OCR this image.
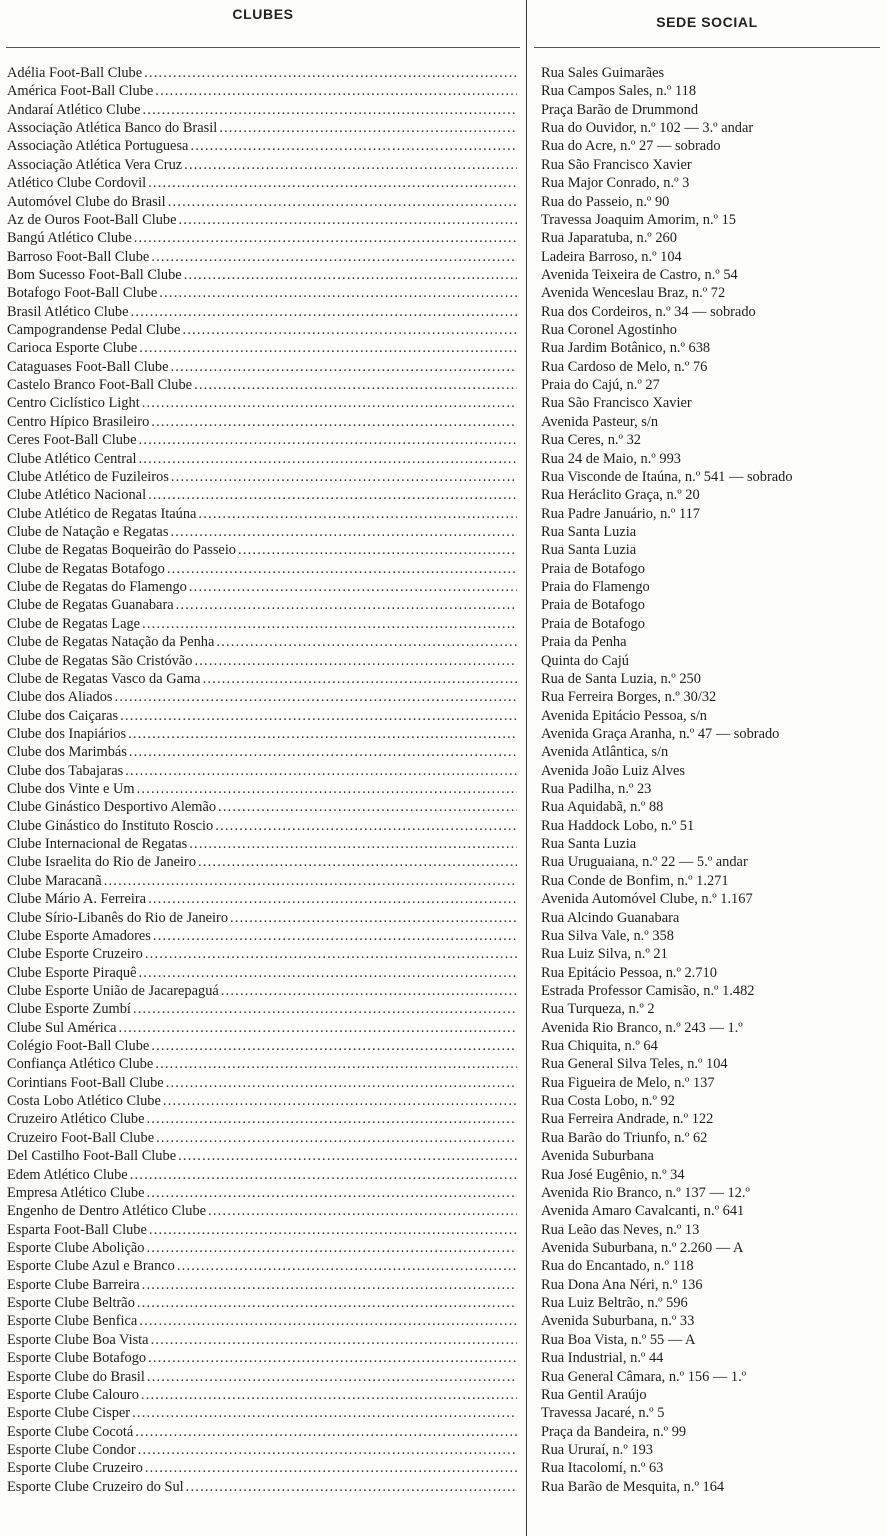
CLUBES	SEDE SOCIAL
Adélia Foot-Ball Clube
.....
América Foot-Ball Clube
.....
Andaraí Atlético Clube
.....
Associação Atlética Banco do Brasil
.....
Associação Atlética Portuguesa
.....
Associação Atlética Vera Cruz
.....
Atlético Clube Cordovil
.....
Automóvel Clube do Brasil
.....
Az de Ouros Foot-Ball Clube
.....
Bangú Atlético Clube
.....
Barroso Foot-Ball Clube
.....
Bom Sucesso Foot-Ball Clube
.....
Botafogo Foot-Ball Clube
.....
Brasil Atlético Clube
.....
Campograndense Pedal Clube
.....
Carioca Esporte Clube
.....
Cataguases Foot-Ball Clube
.....
Castelo Branco Foot-Ball Clube
.....
Centro Ciclístico Light
.....
Centro Hípico Brasileiro
.....
Ceres Foot-Ball Clube
.....
Clube Atlético Central
.....
Clube Atlético de Fuzileiros
.....
Clube Atlético Nacional
.....
Clube Atlético de Regatas Itaúna
.....
Clube de Natação e Regatas
.....
Clube de Regatas Boqueirão do Passeio
.....
Clube de Regatas Botafogo
.....
Clube de Regatas do Flamengo
.....
Clube de Regatas Guanabara
.....
Clube de Regatas Lage
.....
Clube de Regatas Natação da Penha
.....
Clube de Regatas São Cristóvão
.....
Clube de Regatas Vasco da Gama
.....
Clube dos Aliados
.....
Clube dos Caiçaras
.....
Clube dos Inapiários
.....
Clube dos Marimbás
.....
Clube dos Tabajaras
.....
Clube dos Vinte e Um
.....
Clube Ginástico Desportivo Alemão
.....
Clube Ginástico do Instituto Roscio
.....
Clube Internacional de Regatas
.....
Clube Israelita do Rio de Janeiro
.....
Clube Maracanã
.....
Clube Mário A. Ferreira
.....
Clube Sírio-Libanês do Rio de Janeiro
.....
Clube Esporte Amadores
.....
Clube Esporte Cruzeiro
.....
Clube Esporte Piraquê
.....
Clube Esporte União de Jacarepaguá
.....
Clube Esporte Zumbí
.....
Clube Sul América
.....
Colégio Foot-Ball Clube
.....
Confiança Atlético Clube
.....
Corintians Foot-Ball Clube
.....
Costa Lobo Atlético Clube
.....
Cruzeiro Atlético Clube
.....
Cruzeiro Foot-Ball Clube
.....
Del Castilho Foot-Ball Clube
.....
Edem Atlético Clube
.....
Empresa Atlético Clube
.....
Engenho de Dentro Atlético Clube
.....
Esparta Foot-Ball Clube
.....
Esporte Clube Abolição
.....
Esporte Clube Azul e Branco
.....
Esporte Clube Barreira
.....
Esporte Clube Beltrão
.....
Esporte Clube Benfica
.....
Esporte Clube Boa Vista
.....
Esporte Clube Botafogo
.....
Esporte Clube do Brasil
.....
Esporte Clube Calouro
.....
Esporte Clube Cisper
.....
Esporte Clube Cocotá
.....
Esporte Clube Condor
.....
Esporte Clube Cruzeiro
.....
Esporte Clube Cruzeiro do Sul
.....
Rua Sales Guimarães
Rua Campos Sales, n.º 118
Praça Barão de Drummond
Rua do Ouvidor, n.º 102 — 3.º andar
Rua do Acre, n.º 27 — sobrado
Rua São Francisco Xavier
Rua Major Conrado, n.º 3
Rua do Passeio, n.º 90
Travessa Joaquim Amorim, n.º 15
Rua Japaratuba, n.º 260
Ladeira Barroso, n.º 104
Avenida Teixeira de Castro, n.º 54
Avenida Wenceslau Braz, n.º 72
Rua dos Cordeiros, n.º 34 — sobrado
Rua Coronel Agostinho
Rua Jardim Botânico, n.º 638
Rua Cardoso de Melo, n.º 76
Praia do Cajú, n.º 27
Rua São Francisco Xavier
Avenida Pasteur, s/n
Rua Ceres, n.º 32
Rua 24 de Maio, n.º 993
Rua Visconde de Itaúna, n.º 541 — sobrado
Rua Heráclito Graça, n.º 20
Rua Padre Januário, n.º 117
Rua Santa Luzia
Rua Santa Luzia
Praia de Botafogo
Praia do Flamengo
Praia de Botafogo
Praia de Botafogo
Praia da Penha
Quinta do Cajú
Rua de Santa Luzia, n.º 250
Rua Ferreira Borges, n.º 30/32
Avenida Epitácio Pessoa, s/n
Avenida Graça Aranha, n.º 47 — sobrado
Avenida Atlântica, s/n
Avenida João Luiz Alves
Rua Padilha, n.º 23
Rua Aquidabã, n.º 88
Rua Haddock Lobo, n.º 51
Rua Santa Luzia
Rua Uruguaiana, n.º 22 — 5.º andar
Rua Conde de Bonfim, n.º 1.271
Avenida Automóvel Clube, n.º 1.167
Rua Alcindo Guanabara
Rua Silva Vale, n.º 358
Rua Luiz Silva, n.º 21
Rua Epitácio Pessoa, n.º 2.710
Estrada Professor Camisão, n.º 1.482
Rua Turqueza, n.º 2
Avenida Rio Branco, n.º 243 — 1.º
Rua Chiquita, n.º 64
Rua General Silva Teles, n.º 104
Rua Figueira de Melo, n.º 137
Rua Costa Lobo, n.º 92
Rua Ferreira Andrade, n.º 122
Rua Barão do Triunfo, n.º 62
Avenida Suburbana
Rua José Eugênio, n.º 34
Avenida Rio Branco, n.º 137 — 12.º
Avenida Amaro Cavalcanti, n.º 641
Rua Leão das Neves, n.º 13
Avenida Suburbana, n.º 2.260 — A
Rua do Encantado, n.º 118
Rua Dona Ana Néri, n.º 136
Rua Luiz Beltrão, n.º 596
Avenida Suburbana, n.º 33
Rua Boa Vista, n.º 55 — A
Rua Industrial, n.º 44
Rua General Câmara, n.º 156 — 1.º
Rua Gentil Araújo
Travessa Jacaré, n.º 5
Praça da Bandeira, n.º 99
Rua Ururaí, n.º 193
Rua Itacolomí, n.º 63
Rua Barão de Mesquita, n.º 164
